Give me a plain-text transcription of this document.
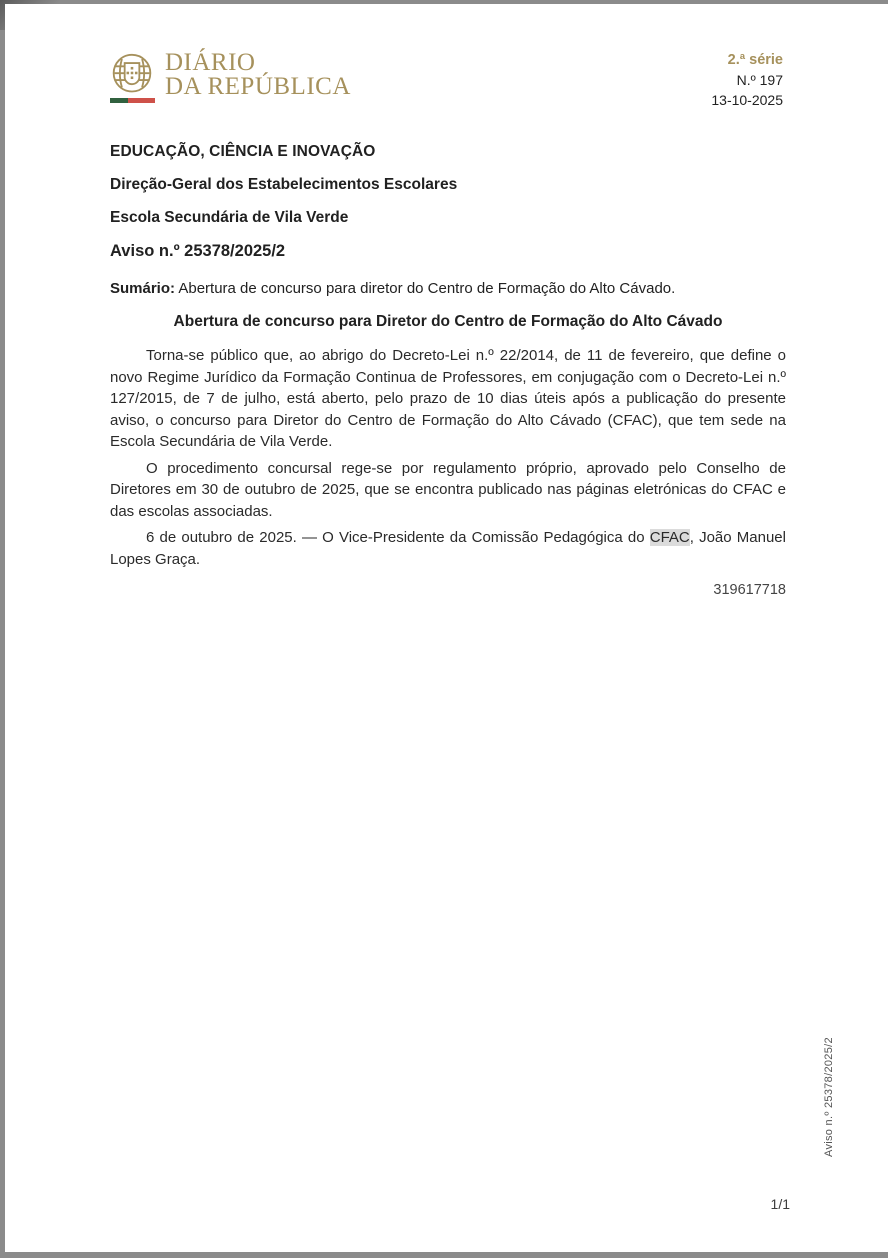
DIÁRIO
DA REPÚBLICA
2.ª série
N.º 197
13-10-2025
EDUCAÇÃO, CIÊNCIA E INOVAÇÃO
Direção-Geral dos Estabelecimentos Escolares
Escola Secundária de Vila Verde
Aviso n.º 25378/2025/2
Sumário: Abertura de concurso para diretor do Centro de Formação do Alto Cávado.
Abertura de concurso para Diretor do Centro de Formação do Alto Cávado

Torna-se público que, ao abrigo do Decreto-Lei n.º 22/2014, de 11 de fevereiro, que define o novo Regime Jurídico da Formação Continua de Professores, em conjugação com o Decreto-Lei n.º 127/2015, de 7 de julho, está aberto, pelo prazo de 10 dias úteis após a publicação do presente aviso, o concurso para Diretor do Centro de Formação do Alto Cávado (CFAC), que tem sede na Escola Secundária de Vila Verde.

O procedimento concursal rege-se por regulamento próprio, aprovado pelo Conselho de Diretores em 30 de outubro de 2025, que se encontra publicado nas páginas eletrónicas do CFAC e das escolas associadas.

6 de outubro de 2025. — O Vice-Presidente da Comissão Pedagógica do CFAC, João Manuel Lopes Graça.

319617718
Aviso n.º 25378/2025/2
1/1
